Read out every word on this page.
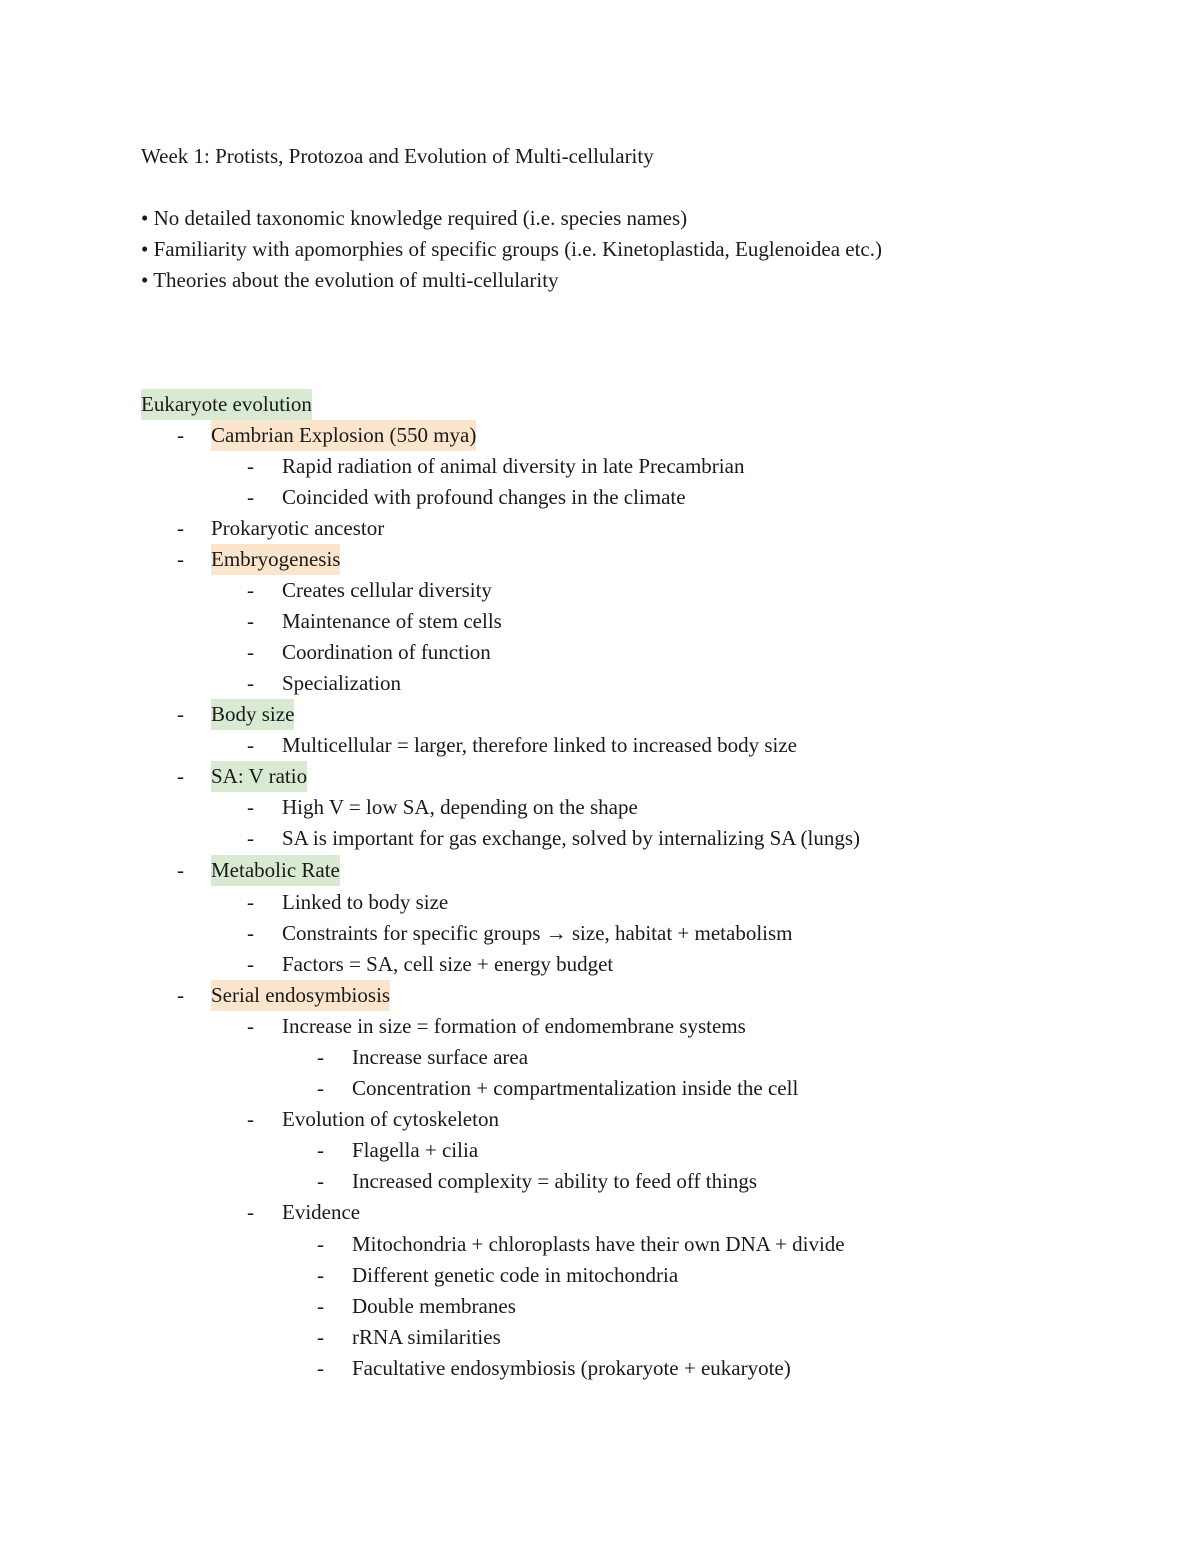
Week 1: Protists, Protozoa and Evolution of Multi-cellularity
• No detailed taxonomic knowledge required (i.e. species names)
• Familiarity with apomorphies of specific groups (i.e. Kinetoplastida, Euglenoidea etc.)
• Theories about the evolution of multi-cellularity
Eukaryote evolution
- Cambrian Explosion (550 mya)
- Rapid radiation of animal diversity in late Precambrian
- Coincided with profound changes in the climate
- Prokaryotic ancestor
- Embryogenesis
- Creates cellular diversity
- Maintenance of stem cells
- Coordination of function
- Specialization
- Body size
- Multicellular = larger, therefore linked to increased body size
- SA: V ratio
- High V = low SA, depending on the shape
- SA is important for gas exchange, solved by internalizing SA (lungs)
- Metabolic Rate
- Linked to body size
- Constraints for specific groups → size, habitat + metabolism
- Factors = SA, cell size + energy budget
- Serial endosymbiosis
- Increase in size = formation of endomembrane systems
- Increase surface area
- Concentration + compartmentalization inside the cell
- Evolution of cytoskeleton
- Flagella + cilia
- Increased complexity = ability to feed off things
- Evidence
- Mitochondria + chloroplasts have their own DNA + divide
- Different genetic code in mitochondria
- Double membranes
- rRNA similarities
- Facultative endosymbiosis (prokaryote + eukaryote)
